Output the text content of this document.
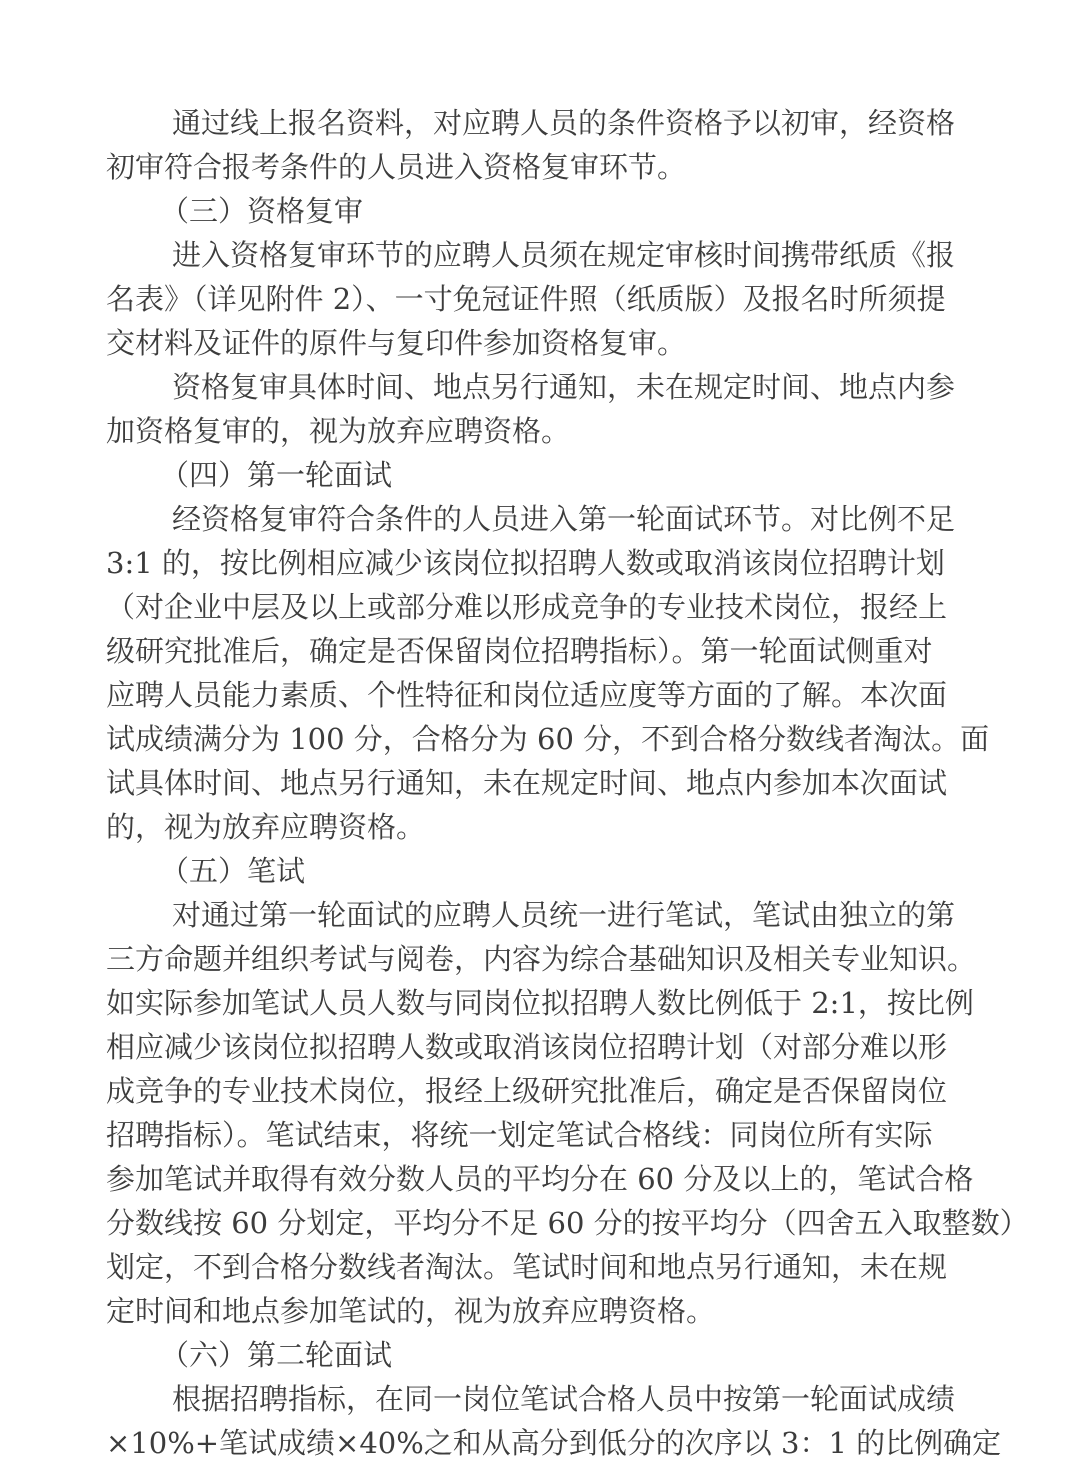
通过线上报名资料，对应聘人员的条件资格予以初审，经资格
初审符合报考条件的人员进入资格复审环节。
（三）资格复审
进入资格复审环节的应聘人员须在规定审核时间携带纸质《报
名表》（详见附件 2）、一寸免冠证件照（纸质版）及报名时所须提
交材料及证件的原件与复印件参加资格复审。
资格复审具体时间、地点另行通知，未在规定时间、地点内参
加资格复审的，视为放弃应聘资格。
（四）第一轮面试
经资格复审符合条件的人员进入第一轮面试环节。对比例不足
3:1 的，按比例相应减少该岗位拟招聘人数或取消该岗位招聘计划
（对企业中层及以上或部分难以形成竞争的专业技术岗位，报经上
级研究批准后，确定是否保留岗位招聘指标）。第一轮面试侧重对
应聘人员能力素质、个性特征和岗位适应度等方面的了解。本次面
试成绩满分为 100 分，合格分为 60 分，不到合格分数线者淘汰。面
试具体时间、地点另行通知，未在规定时间、地点内参加本次面试
的，视为放弃应聘资格。
（五）笔试
对通过第一轮面试的应聘人员统一进行笔试，笔试由独立的第
三方命题并组织考试与阅卷，内容为综合基础知识及相关专业知识。
如实际参加笔试人员人数与同岗位拟招聘人数比例低于 2:1，按比例
相应减少该岗位拟招聘人数或取消该岗位招聘计划（对部分难以形
成竞争的专业技术岗位，报经上级研究批准后，确定是否保留岗位
招聘指标）。笔试结束，将统一划定笔试合格线：同岗位所有实际
参加笔试并取得有效分数人员的平均分在 60 分及以上的，笔试合格
分数线按 60 分划定，平均分不足 60 分的按平均分（四舍五入取整数）
划定，不到合格分数线者淘汰。笔试时间和地点另行通知，未在规
定时间和地点参加笔试的，视为放弃应聘资格。
（六）第二轮面试
根据招聘指标，在同一岗位笔试合格人员中按第一轮面试成绩
×10%+笔试成绩×40%之和从高分到低分的次序以 3：1 的比例确定
